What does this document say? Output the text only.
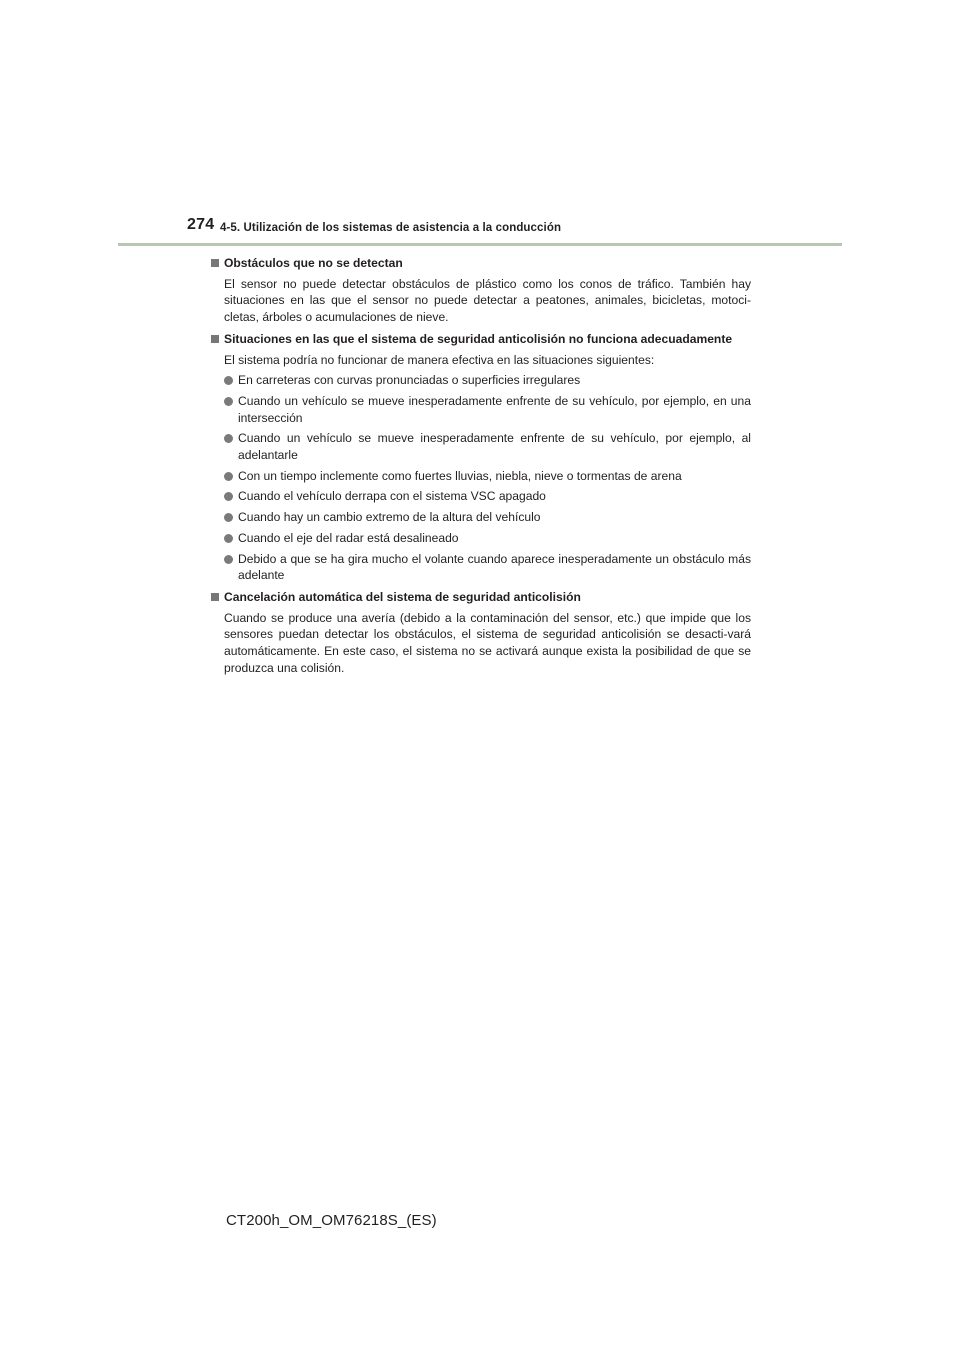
274 4-5. Utilización de los sistemas de asistencia a la conducción
Obstáculos que no se detectan
El sensor no puede detectar obstáculos de plástico como los conos de tráfico. También hay situaciones en las que el sensor no puede detectar a peatones, animales, bicicletas, motoci-cletas, árboles o acumulaciones de nieve.
Situaciones en las que el sistema de seguridad anticolisión no funciona adecuadamente
El sistema podría no funcionar de manera efectiva en las situaciones siguientes:
En carreteras con curvas pronunciadas o superficies irregulares
Cuando un vehículo se mueve inesperadamente enfrente de su vehículo, por ejemplo, en una intersección
Cuando un vehículo se mueve inesperadamente enfrente de su vehículo, por ejemplo, al adelantarle
Con un tiempo inclemente como fuertes lluvias, niebla, nieve o tormentas de arena
Cuando el vehículo derrapa con el sistema VSC apagado
Cuando hay un cambio extremo de la altura del vehículo
Cuando el eje del radar está desalineado
Debido a que se ha gira mucho el volante cuando aparece inesperadamente un obstáculo más adelante
Cancelación automática del sistema de seguridad anticolisión
Cuando se produce una avería (debido a la contaminación del sensor, etc.) que impide que los sensores puedan detectar los obstáculos, el sistema de seguridad anticolisión se desacti-vará automáticamente. En este caso, el sistema no se activará aunque exista la posibilidad de que se produzca una colisión.
CT200h_OM_OM76218S_(ES)
